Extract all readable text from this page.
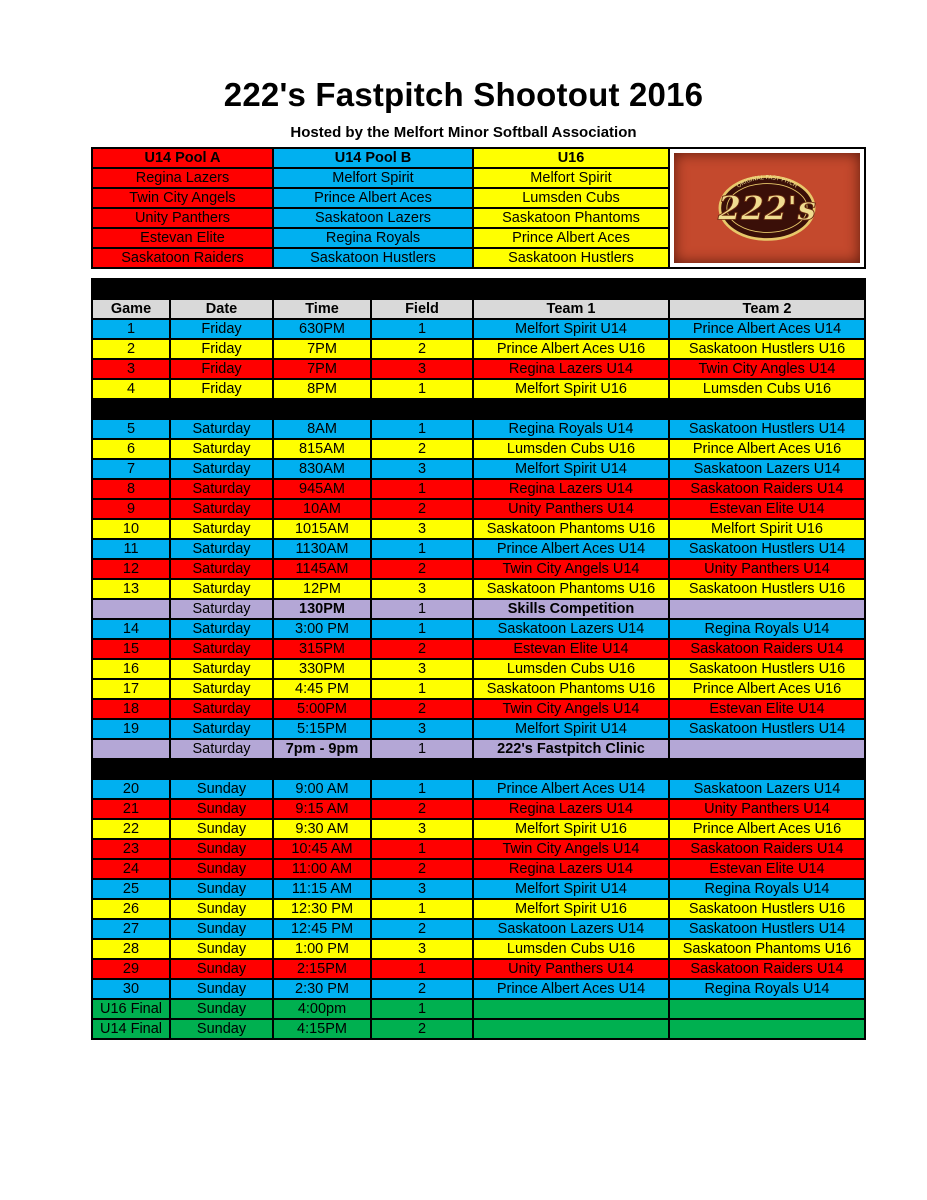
222's Fastpitch Shootout 2016
Hosted by the Melfort Minor Softball Association
U14 Pool A	U14 Pool B	U16	222's
ORIGINAL FAST PITCH

Regina Lazers	Melfort Spirit	Melfort Spirit	
Twin City Angels	Prince Albert Aces	Lumsden Cubs	
Unity Panthers	Saskatoon Lazers	Saskatoon Phantoms	
Estevan Elite	Regina Royals	Prince Albert Aces	
Saskatoon Raiders	Saskatoon Hustlers	Saskatoon Hustlers	

Game	Date	Time	Field	Team 1	Team 2
1	Friday	630PM	1	Melfort Spirit U14	Prince Albert Aces U14
2	Friday	7PM	2	Prince Albert Aces U16	Saskatoon Hustlers U16
3	Friday	7PM	3	Regina Lazers U14	Twin City Angles U14
4	Friday	8PM	1	Melfort Spirit U16	Lumsden Cubs U16

5	Saturday	8AM	1	Regina Royals U14	Saskatoon Hustlers U14
6	Saturday	815AM	2	Lumsden Cubs U16	Prince Albert Aces U16
7	Saturday	830AM	3	Melfort Spirit U14	Saskatoon Lazers U14
8	Saturday	945AM	1	Regina Lazers U14	Saskatoon Raiders U14
9	Saturday	10AM	2	Unity Panthers U14	Estevan Elite U14
10	Saturday	1015AM	3	Saskatoon Phantoms U16	Melfort Spirit U16
11	Saturday	1130AM	1	Prince Albert Aces U14	Saskatoon Hustlers U14
12	Saturday	1145AM	2	Twin City Angels U14	Unity Panthers U14
13	Saturday	12PM	3	Saskatoon Phantoms U16	Saskatoon Hustlers U16
	Saturday	130PM	1	Skills Competition	
14	Saturday	3:00 PM	1	Saskatoon Lazers U14	Regina Royals U14
15	Saturday	315PM	2	Estevan Elite U14	Saskatoon Raiders U14
16	Saturday	330PM	3	Lumsden Cubs U16	Saskatoon Hustlers U16
17	Saturday	4:45 PM	1	Saskatoon Phantoms U16	Prince Albert Aces U16
18	Saturday	5:00PM	2	Twin City Angels U14	Estevan Elite U14
19	Saturday	5:15PM	3	Melfort Spirit U14	Saskatoon Hustlers U14
	Saturday	7pm - 9pm	1	222's Fastpitch Clinic	

20	Sunday	9:00 AM	1	Prince Albert Aces U14	Saskatoon Lazers U14
21	Sunday	9:15 AM	2	Regina Lazers U14	Unity Panthers U14
22	Sunday	9:30 AM	3	Melfort Spirit U16	Prince Albert Aces U16
23	Sunday	10:45 AM	1	Twin City Angels U14	Saskatoon Raiders U14
24	Sunday	11:00 AM	2	Regina Lazers U14	Estevan Elite U14
25	Sunday	11:15 AM	3	Melfort Spirit U14	Regina Royals U14
26	Sunday	12:30 PM	1	Melfort Spirit U16	Saskatoon Hustlers U16
27	Sunday	12:45 PM	2	Saskatoon Lazers U14	Saskatoon Hustlers U14
28	Sunday	1:00 PM	3	Lumsden Cubs U16	Saskatoon Phantoms U16
29	Sunday	2:15PM	1	Unity Panthers U14	Saskatoon Raiders U14
30	Sunday	2:30 PM	2	Prince Albert Aces U14	Regina Royals U14
U16 Final	Sunday	4:00pm	1		
U14 Final	Sunday	4:15PM	2		
